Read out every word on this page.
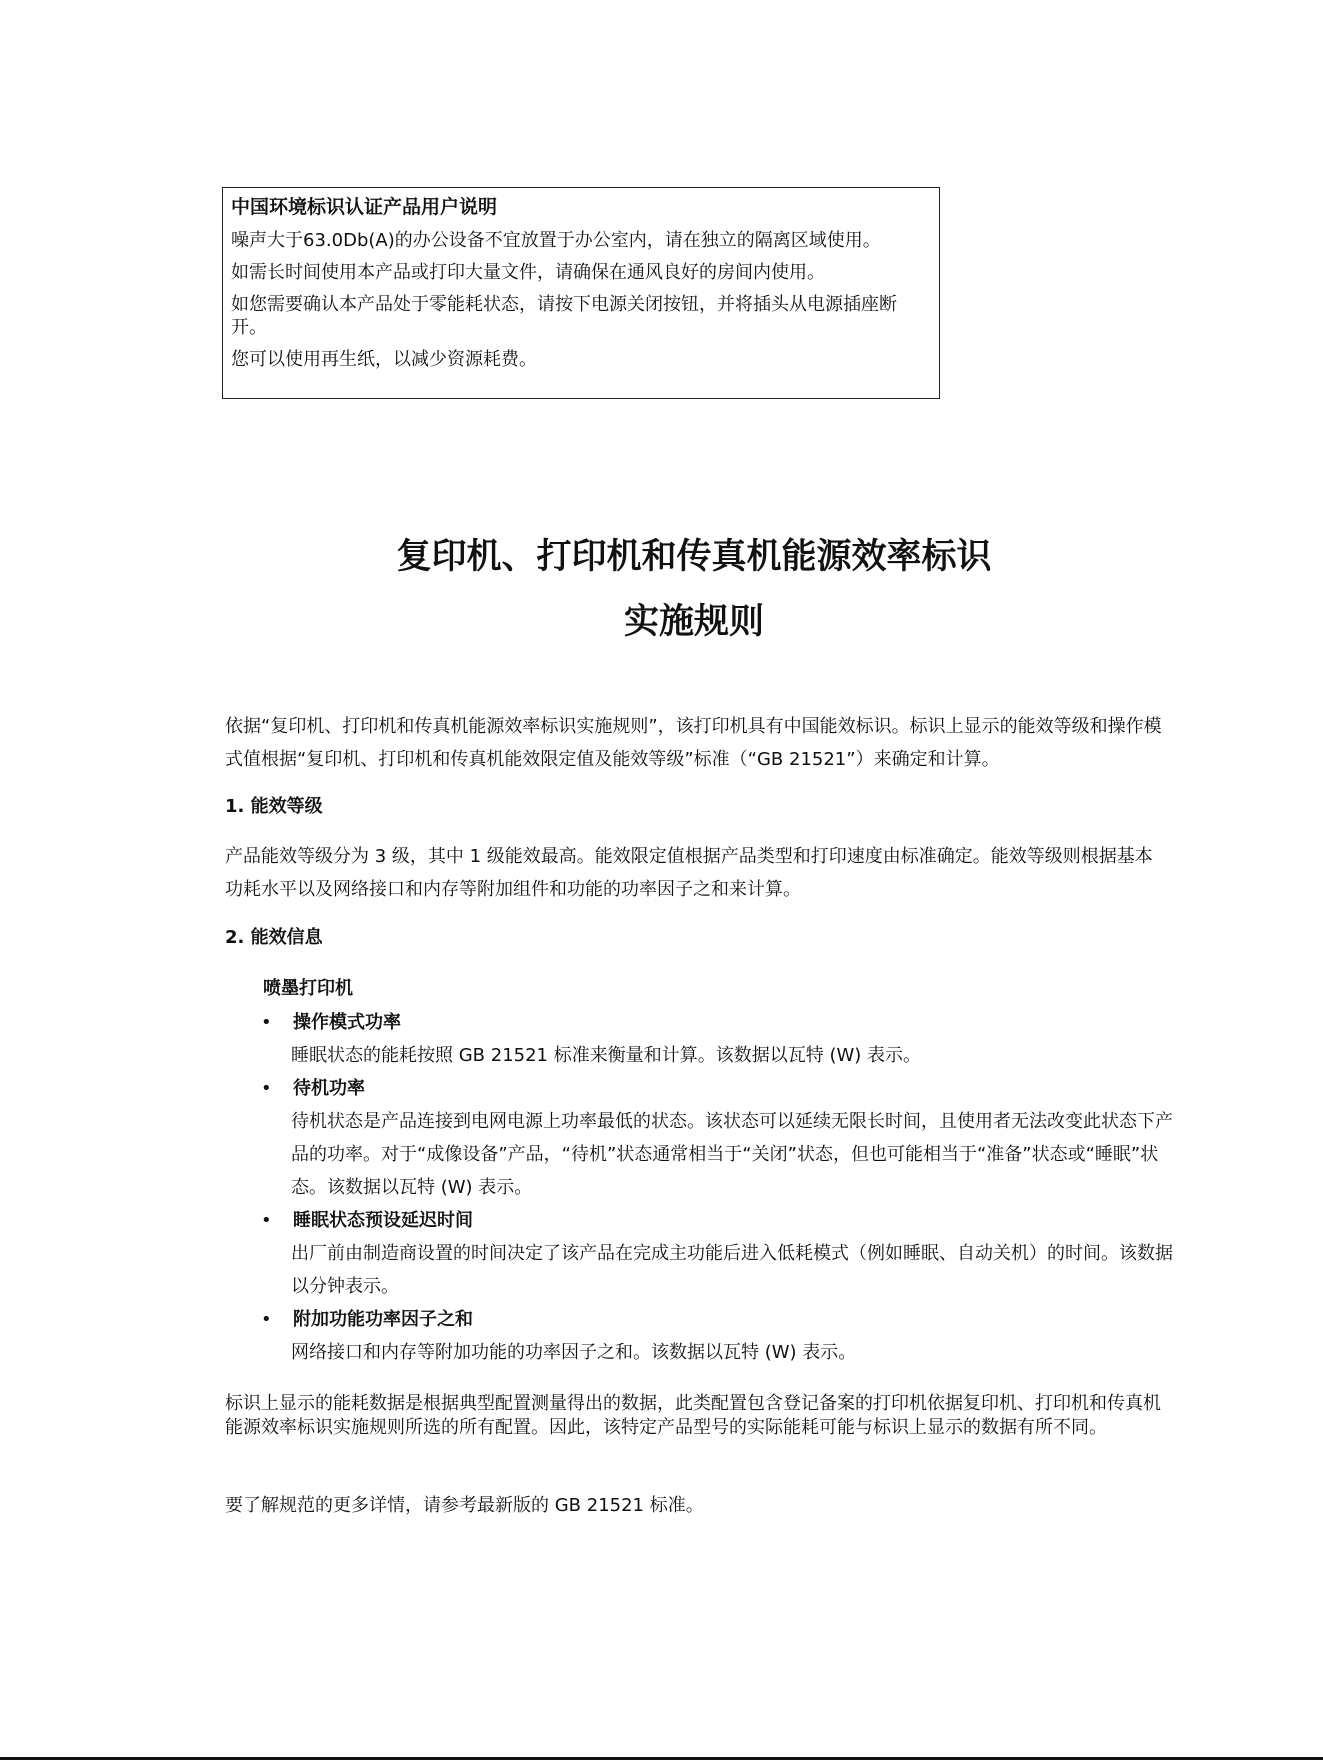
中国环境标识认证产品用户说明
噪声大于63.0Db(A)的办公设备不宜放置于办公室内，请在独立的隔离区域使用。
如需长时间使用本产品或打印大量文件，请确保在通风良好的房间内使用。
如您需要确认本产品处于零能耗状态，请按下电源关闭按钮，并将插头从电源插座断开。
您可以使用再生纸，以减少资源耗费。
复印机、打印机和传真机能源效率标识
实施规则

依据“复印机、打印机和传真机能源效率标识实施规则”，该打印机具有中国能效标识。标识上显示的能效等级和操作模式值根据“复印机、打印机和传真机能效限定值及能效等级”标准（“GB 21521”）来确定和计算。

1. 能效等级

产品能效等级分为 3 级，其中 1 级能效最高。能效限定值根据产品类型和打印速度由标准确定。能效等级则根据基本功耗水平以及网络接口和内存等附加组件和功能的功率因子之和来计算。

2. 能效信息
喷墨打印机
• 操作模式功率
睡眠状态的能耗按照 GB 21521 标准来衡量和计算。该数据以瓦特 (W) 表示。
• 待机功率
待机状态是产品连接到电网电源上功率最低的状态。该状态可以延续无限长时间，且使用者无法改变此状态下产品的功率。对于“成像设备”产品，“待机”状态通常相当于“关闭”状态，但也可能相当于“准备”状态或“睡眠”状态。该数据以瓦特 (W) 表示。
• 睡眠状态预设延迟时间
出厂前由制造商设置的时间决定了该产品在完成主功能后进入低耗模式（例如睡眠、自动关机）的时间。该数据以分钟表示。
• 附加功能功率因子之和
网络接口和内存等附加功能的功率因子之和。该数据以瓦特 (W) 表示。

标识上显示的能耗数据是根据典型配置测量得出的数据，此类配置包含登记备案的打印机依据复印机、打印机和传真机能源效率标识实施规则所选的所有配置。因此，该特定产品型号的实际能耗可能与标识上显示的数据有所不同。

要了解规范的更多详情，请参考最新版的 GB 21521 标准。
